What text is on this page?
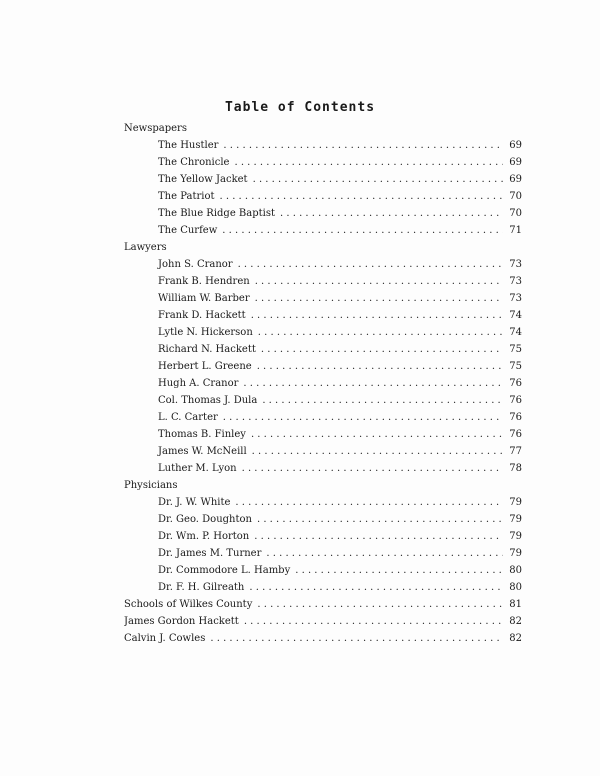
Table of Contents
Newspapers
The Hustler . . .	69
The Chronicle . . .	69
The Yellow Jacket . . .	69
The Patriot . . .	70
The Blue Ridge Baptist . . .	70
The Curfew . . .	71
Lawyers
John S. Cranor . . .	73
Frank B. Hendren . . .	73
William W. Barber . . .	73
Frank D. Hackett . . .	74
Lytle N. Hickerson . . .	74
Richard N. Hackett . . .	75
Herbert L. Greene . . .	75
Hugh A. Cranor . . .	76
Col. Thomas J. Dula . . .	76
L. C. Carter . . .	76
Thomas B. Finley . . .	76
James W. McNeill . . .	77
Luther M. Lyon . . .	78
Physicians
Dr. J. W. White . . .	79
Dr. Geo. Doughton . . .	79
Dr. Wm. P. Horton . . .	79
Dr. James M. Turner . . .	79
Dr. Commodore L. Hamby . . .	80
Dr. F. H. Gilreath . . .	80
Schools of Wilkes County . . .	81
James Gordon Hackett . . .	82
Calvin J. Cowles . . .	82
